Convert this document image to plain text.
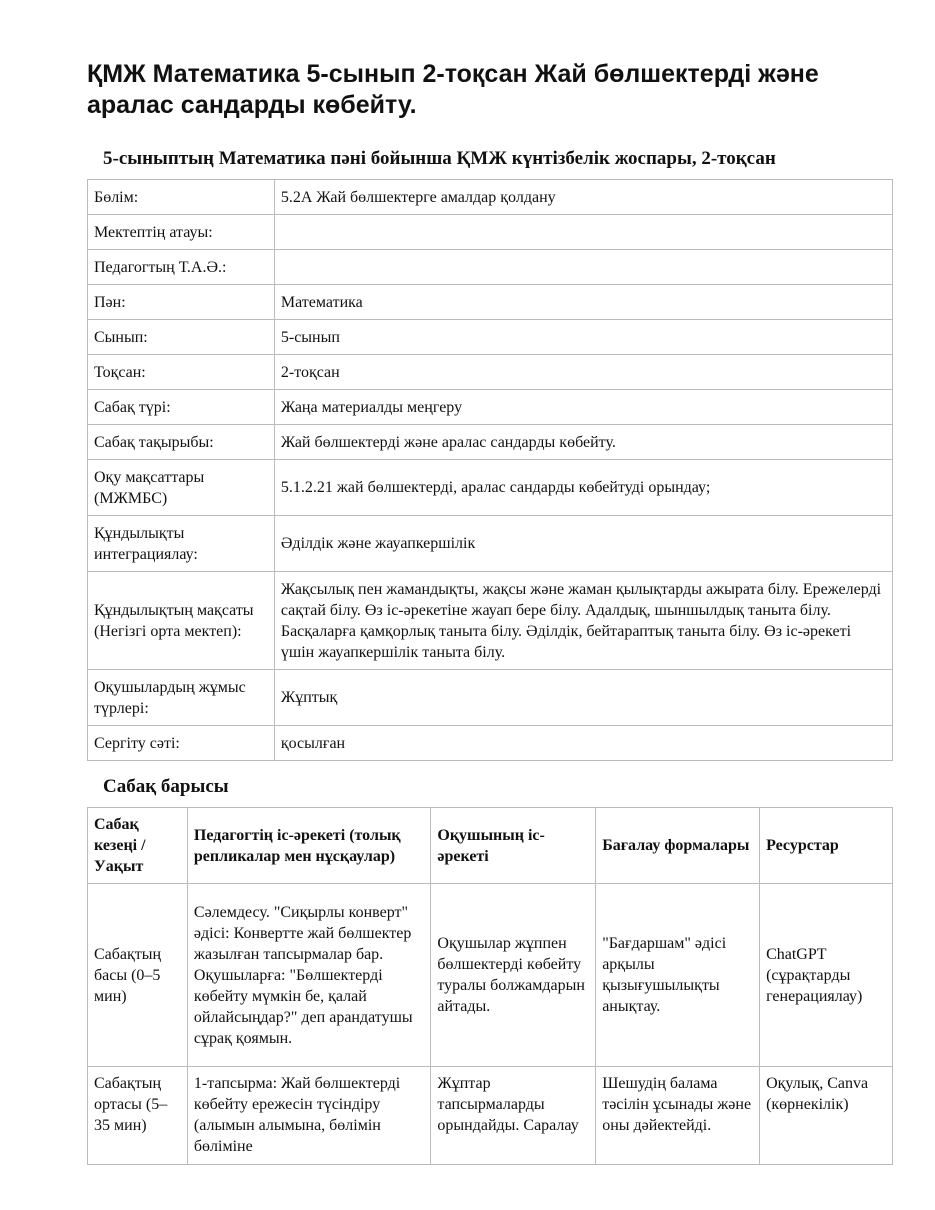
ҚМЖ Математика 5-сынып 2-тоқсан Жай бөлшектерді және аралас сандарды көбейту.
5-сыныптың Математика пәні бойынша ҚМЖ күнтізбелік жоспары, 2-тоқсан
Бөлім:	5.2А Жай бөлшектерге амалдар қолдану
Мектептің атауы:	
Педагогтың Т.А.Ә.:	
Пән:	Математика
Сынып:	5-сынып
Тоқсан:	2-тоқсан
Сабақ түрі:	Жаңа материалды меңгеру
Сабақ тақырыбы:	Жай бөлшектерді және аралас сандарды көбейту.
Оқу мақсаттары (МЖМБС)	5.1.2.21 жай бөлшектерді, аралас сандарды көбейтуді орындау;
Құндылықты интеграциялау:	Әділдік және жауапкершілік
Құндылықтың мақсаты (Негізгі орта мектеп):	Жақсылық пен жамандықты, жақсы және жаман қылықтарды ажырата білу. Ережелерді сақтай білу. Өз іс-әрекетіне жауап бере білу. Адалдық, шыншылдық таныта білу. Басқаларға қамқорлық таныта білу. Әділдік, бейтараптық таныта білу. Өз іс-әрекеті үшін жауапкершілік таныта білу.
Оқушылардың жұмыс түрлері:	Жұптық
Сергіту сәті:	қосылған
Сабақ барысы
Сабақ кезеңі / Уақыт	Педагогтің іс-әрекеті (толық репликалар мен нұсқаулар)	Оқушының іс-әрекеті	Бағалау формалары	Ресурстар
Сабақтың басы (0–5 мин)	Сәлемдесу. "Сиқырлы конверт" әдісі: Конвертте жай бөлшектер жазылған тапсырмалар бар. Оқушыларға: "Бөлшектерді көбейту мүмкін бе, қалай ойлайсыңдар?" деп арандатушы сұрақ қоямын.	Оқушылар жұппен бөлшектерді көбейту туралы болжамдарын айтады.	"Бағдаршам" әдісі арқылы қызығушылықты анықтау.	ChatGPT (сұрақтарды генерациялау)
Сабақтың ортасы (5–35 мин)	1-тапсырма: Жай бөлшектерді көбейту ережесін түсіндіру (алымын алымына, бөлімін бөліміне	Жұптар тапсырмаларды орындайды. Саралау	Шешудің балама тәсілін ұсынады және оны дәйектейді.	Оқулық, Canva (көрнекілік)
